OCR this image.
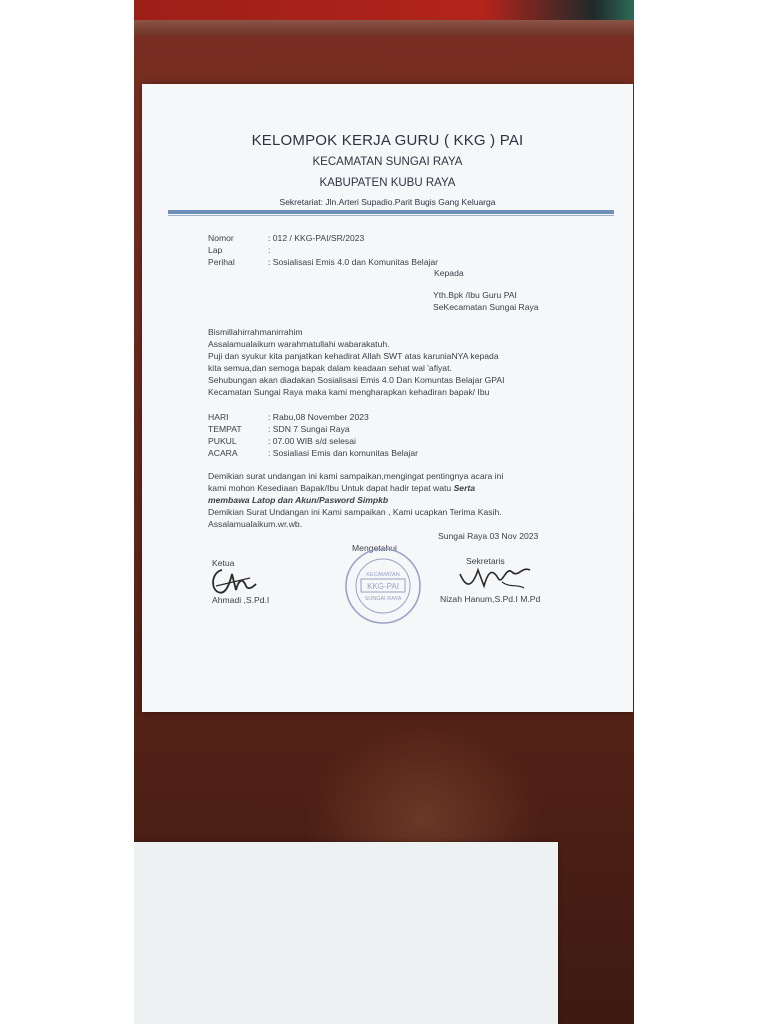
KELOMPOK KERJA GURU ( KKG ) PAI
KECAMATAN SUNGAI RAYA
KABUPATEN KUBU RAYA
Sekretariat: Jln.Arteri Supadio.Parit Bugis Gang Keluarga
Nomor	: 012 / KKG-PAI/SR/2023
Lap	:
Perihal	: Sosialisasi Emis 4.0 dan Komunitas Belajar
Kepada
Yth.Bpk /Ibu Guru PAI
SeKecamatan Sungai Raya
Bismillahirrahmanirrahim
Assalamualaikum warahmatullahi wabarakatuh.
Puji dan syukur kita panjatkan kehadirat Allah SWT atas karuniaNYA kepada
kita semua,dan semoga bapak dalam keadaan sehat wal 'afiyat.
Sehubungan akan diadakan Sosialisasi Emis 4.0 Dan Komuntas Belajar GPAI
Kecamatan Sungai Raya maka kami mengharapkan kehadiran bapak/ Ibu
HARI	: Rabu,08 November 2023
TEMPAT	: SDN 7 Sungai Raya
PUKUL	: 07.00 WIB s/d selesai
ACARA	: Sosialiasi Emis dan komunitas Belajar
Demikian surat undangan ini kami sampaikan,mengingat pentingnya acara ini
kami mohon Kesediaan Bapak/Ibu Untuk dapat hadir tepat watu Serta
membawa Latop dan Akun/Pasword Simpkb
Demikian Surat Undangan ini Kami sampaikan , Kami ucapkan Terima Kasih.
Assalamualaikum.wr.wb.
Sungai Raya 03 Nov 2023
Mengetahui
Ketua	Sekretaris
KECAMATAN
KKG-PAI
SUNGAI RAYA
Ahmadi ,S.Pd.I	Nizah Hanum,S.Pd.I M.Pd
